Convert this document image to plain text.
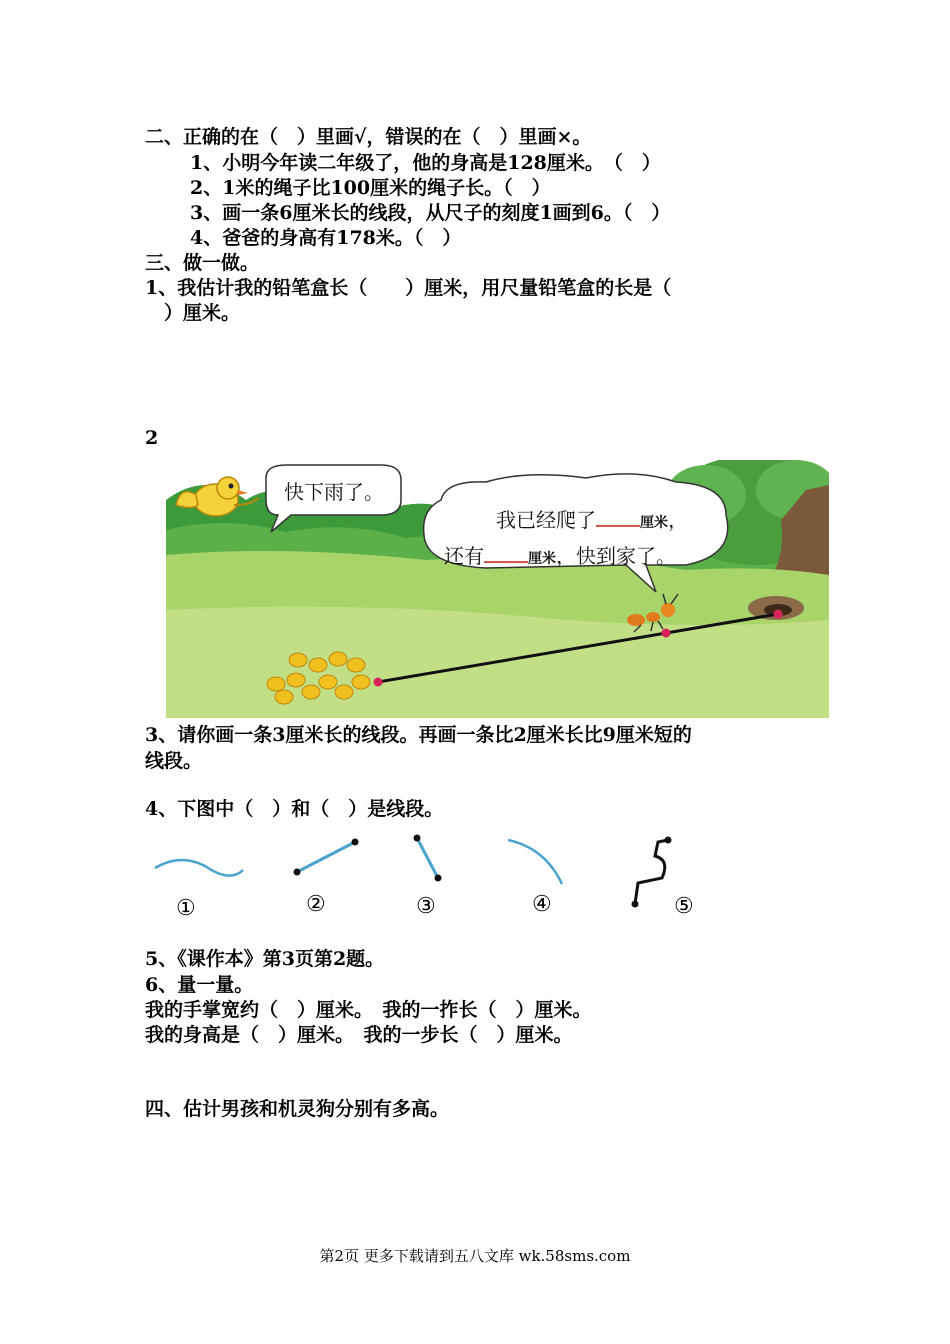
二、正确的在（　）里画√，错误的在（　）里画×。
1、小明今年读二年级了，他的身高是128厘米。　（　）
2、1米的绳子比100厘米的绳子长。（　）
3、画一条6厘米长的线段，从尺子的刻度1画到6。（　）
4、爸爸的身高有178米。（　）
三、做一做。
1、我估计我的铅笔盒长（　　）厘米，用尺量铅笔盒的长是（
　）厘米。
2
快下雨了。
我已经爬了	厘米，
还有	厘米，快到家了。
3、请你画一条3厘米长的线段。再画一条比2厘米长比9厘米短的
线段。
4、下图中（　）和（　）是线段。
①	②	③	④	⑤
5、《课作本》第3页第2题。
6、量一量。
我的手掌宽约（　）厘米。　我的一拃长（　）厘米。
我的身高是（　）厘米。　我的一步长（　）厘米。
四、估计男孩和机灵狗分别有多高。
第2页 更多下载请到五八文库 wk.58sms.com
